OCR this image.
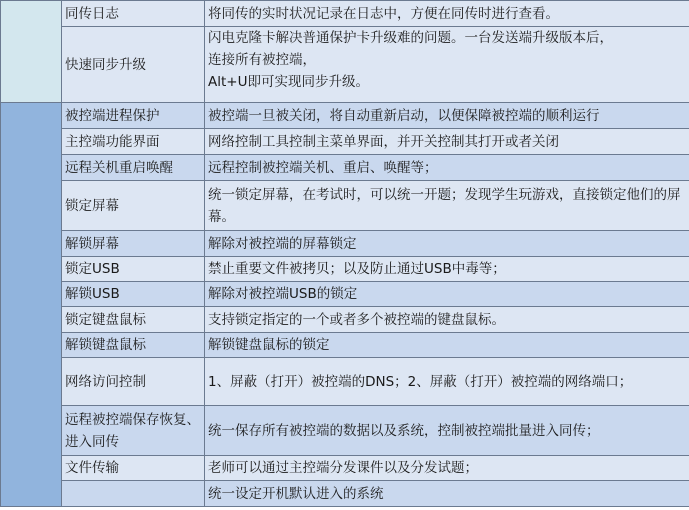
	同传日志	将同传的实时状况记录在日志中，方便在同传时进行查看。
	快速同步升级	闪电克隆卡解决普通保护卡升级难的问题。一台发送端升级版本后，
连接所有被控端，
Alt+U即可实现同步升级。

	被控端进程保护	被控端一旦被关闭，将自动重新启动，以便保障被控端的顺利运行
	主控端功能界面	网络控制工具控制主菜单界面，并开关控制其打开或者关闭
	远程关机重启唤醒	远程控制被控端关机、重启、唤醒等；
	锁定屏幕	统一锁定屏幕，在考试时，可以统一开题；发现学生玩游戏，直接锁定他们的屏幕。
	解锁屏幕	解除对被控端的屏幕锁定
	锁定USB	禁止重要文件被拷贝；以及防止通过USB中毒等；
	解锁USB	解除对被控端USB的锁定
	锁定键盘鼠标	支持锁定指定的一个或者多个被控端的键盘鼠标。
	解锁键盘鼠标	解锁键盘鼠标的锁定
	网络访问控制	1、屏蔽（打开）被控端的DNS；2、屏蔽（打开）被控端的网络端口；
	远程被控端保存恢复、进入同传	统一保存所有被控端的数据以及系统，控制被控端批量进入同传；
	文件传输	老师可以通过主控端分发课件以及分发试题；
		统一设定开机默认进入的系统
